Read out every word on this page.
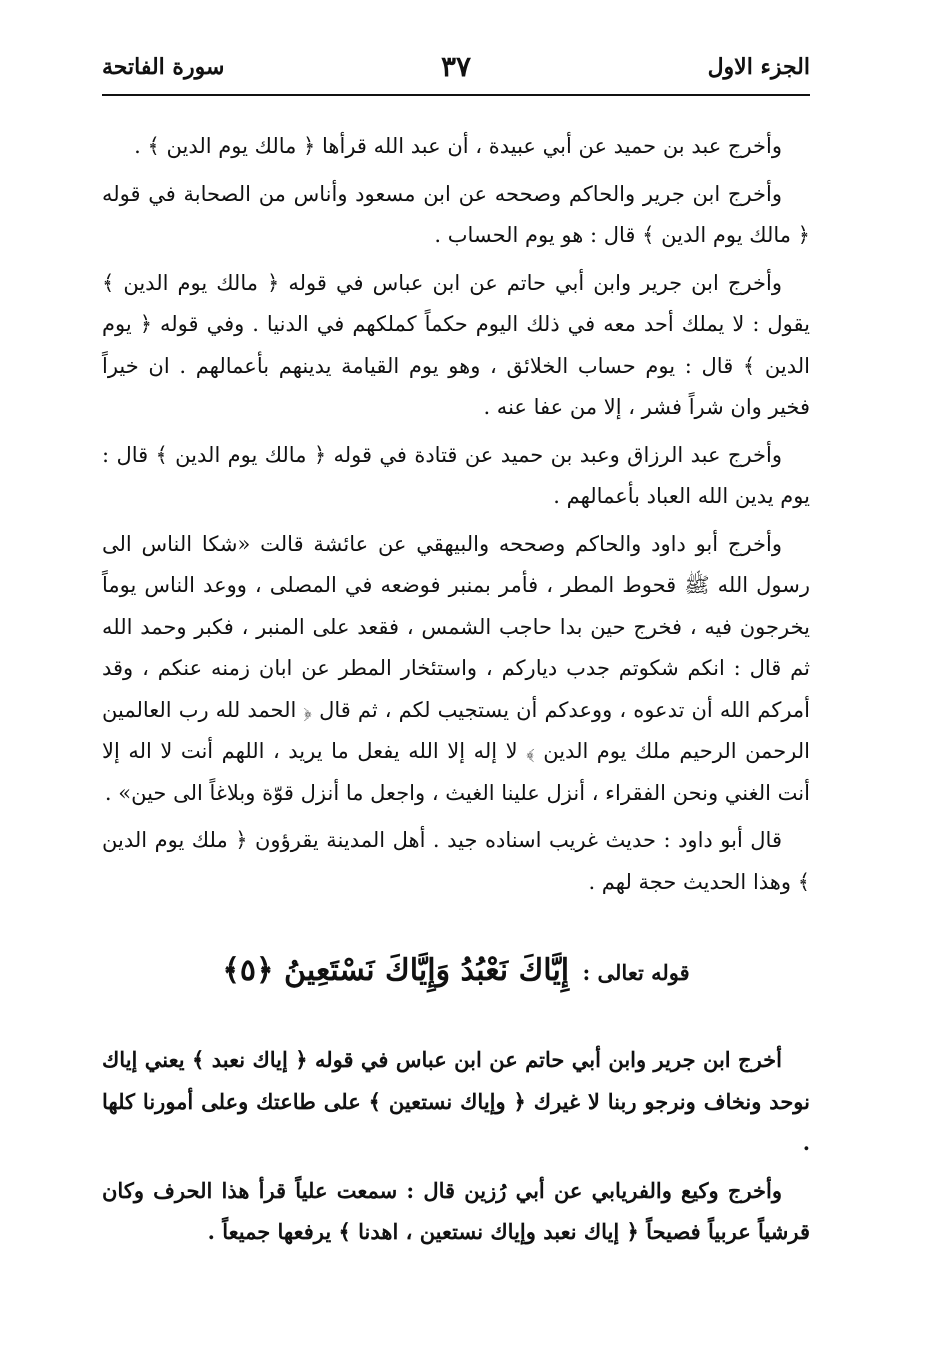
الجزء الاول
٣٧
سورة الفاتحة

وأخرج عبد بن حميد عن أبي عبيدة ، أن عبد الله قرأها ﴿ مالك يوم الدين ﴾ .

وأخرج ابن جرير والحاكم وصححه عن ابن مسعود وأناس من الصحابة في قوله ﴿ مالك يوم الدين ﴾ قال : هو يوم الحساب .

وأخرج ابن جرير وابن أبي حاتم عن ابن عباس في قوله ﴿ مالك يوم الدين ﴾ يقول : لا يملك أحد معه في ذلك اليوم حكماً كملكهم في الدنيا . وفي قوله ﴿ يوم الدين ﴾ قال : يوم حساب الخلائق ، وهو يوم القيامة يدينهم بأعمالهم . ان خيراً فخير وان شراً فشر ، إلا من عفا عنه .

وأخرج عبد الرزاق وعبد بن حميد عن قتادة في قوله ﴿ مالك يوم الدين ﴾ قال : يوم يدين الله العباد بأعمالهم .

وأخرج أبو داود والحاكم وصححه والبيهقي عن عائشة قالت «شكا الناس الى رسول الله ﷺ قحوط المطر ، فأمر بمنبر فوضعه في المصلى ، ووعد الناس يوماً يخرجون فيه ، فخرج حين بدا حاجب الشمس ، فقعد على المنبر ، فكبر وحمد الله ثم قال : انكم شكوتم جدب دياركم ، واستئخار المطر عن ابان زمنه عنكم ، وقد أمركم الله أن تدعوه ، ووعدكم أن يستجيب لكم ، ثم قال ﴿ الحمد لله رب العالمين الرحمن الرحيم ملك يوم الدين ﴾ لا إله إلا الله يفعل ما يريد ، اللهم أنت لا اله إلا أنت الغني ونحن الفقراء ، أنزل علينا الغيث ، واجعل ما أنزل قوّة وبلاغاً الى حين» .

قال أبو داود : حديث غريب اسناده جيد . أهل المدينة يقرؤون ﴿ ملك يوم الدين ﴾ وهذا الحديث حجة لهم .

قوله تعالى : إِيَّاكَ نَعْبُدُ وَإِيَّاكَ نَسْتَعِينُ ﴿٥﴾

أخرج ابن جرير وابن أبي حاتم عن ابن عباس في قوله ﴿ إياك نعبد ﴾ يعني إياك نوحد ونخاف ونرجو ربنا لا غيرك ﴿ وإياك نستعين ﴾ على طاعتك وعلى أمورنا كلها .

وأخرج وكيع والفريابي عن أبي رُزين قال : سمعت علياً قرأ هذا الحرف وكان قرشياً عربياً فصيحاً ﴿ إياك نعبد وإياك نستعين ، اهدنا ﴾ يرفعها جميعاً .
